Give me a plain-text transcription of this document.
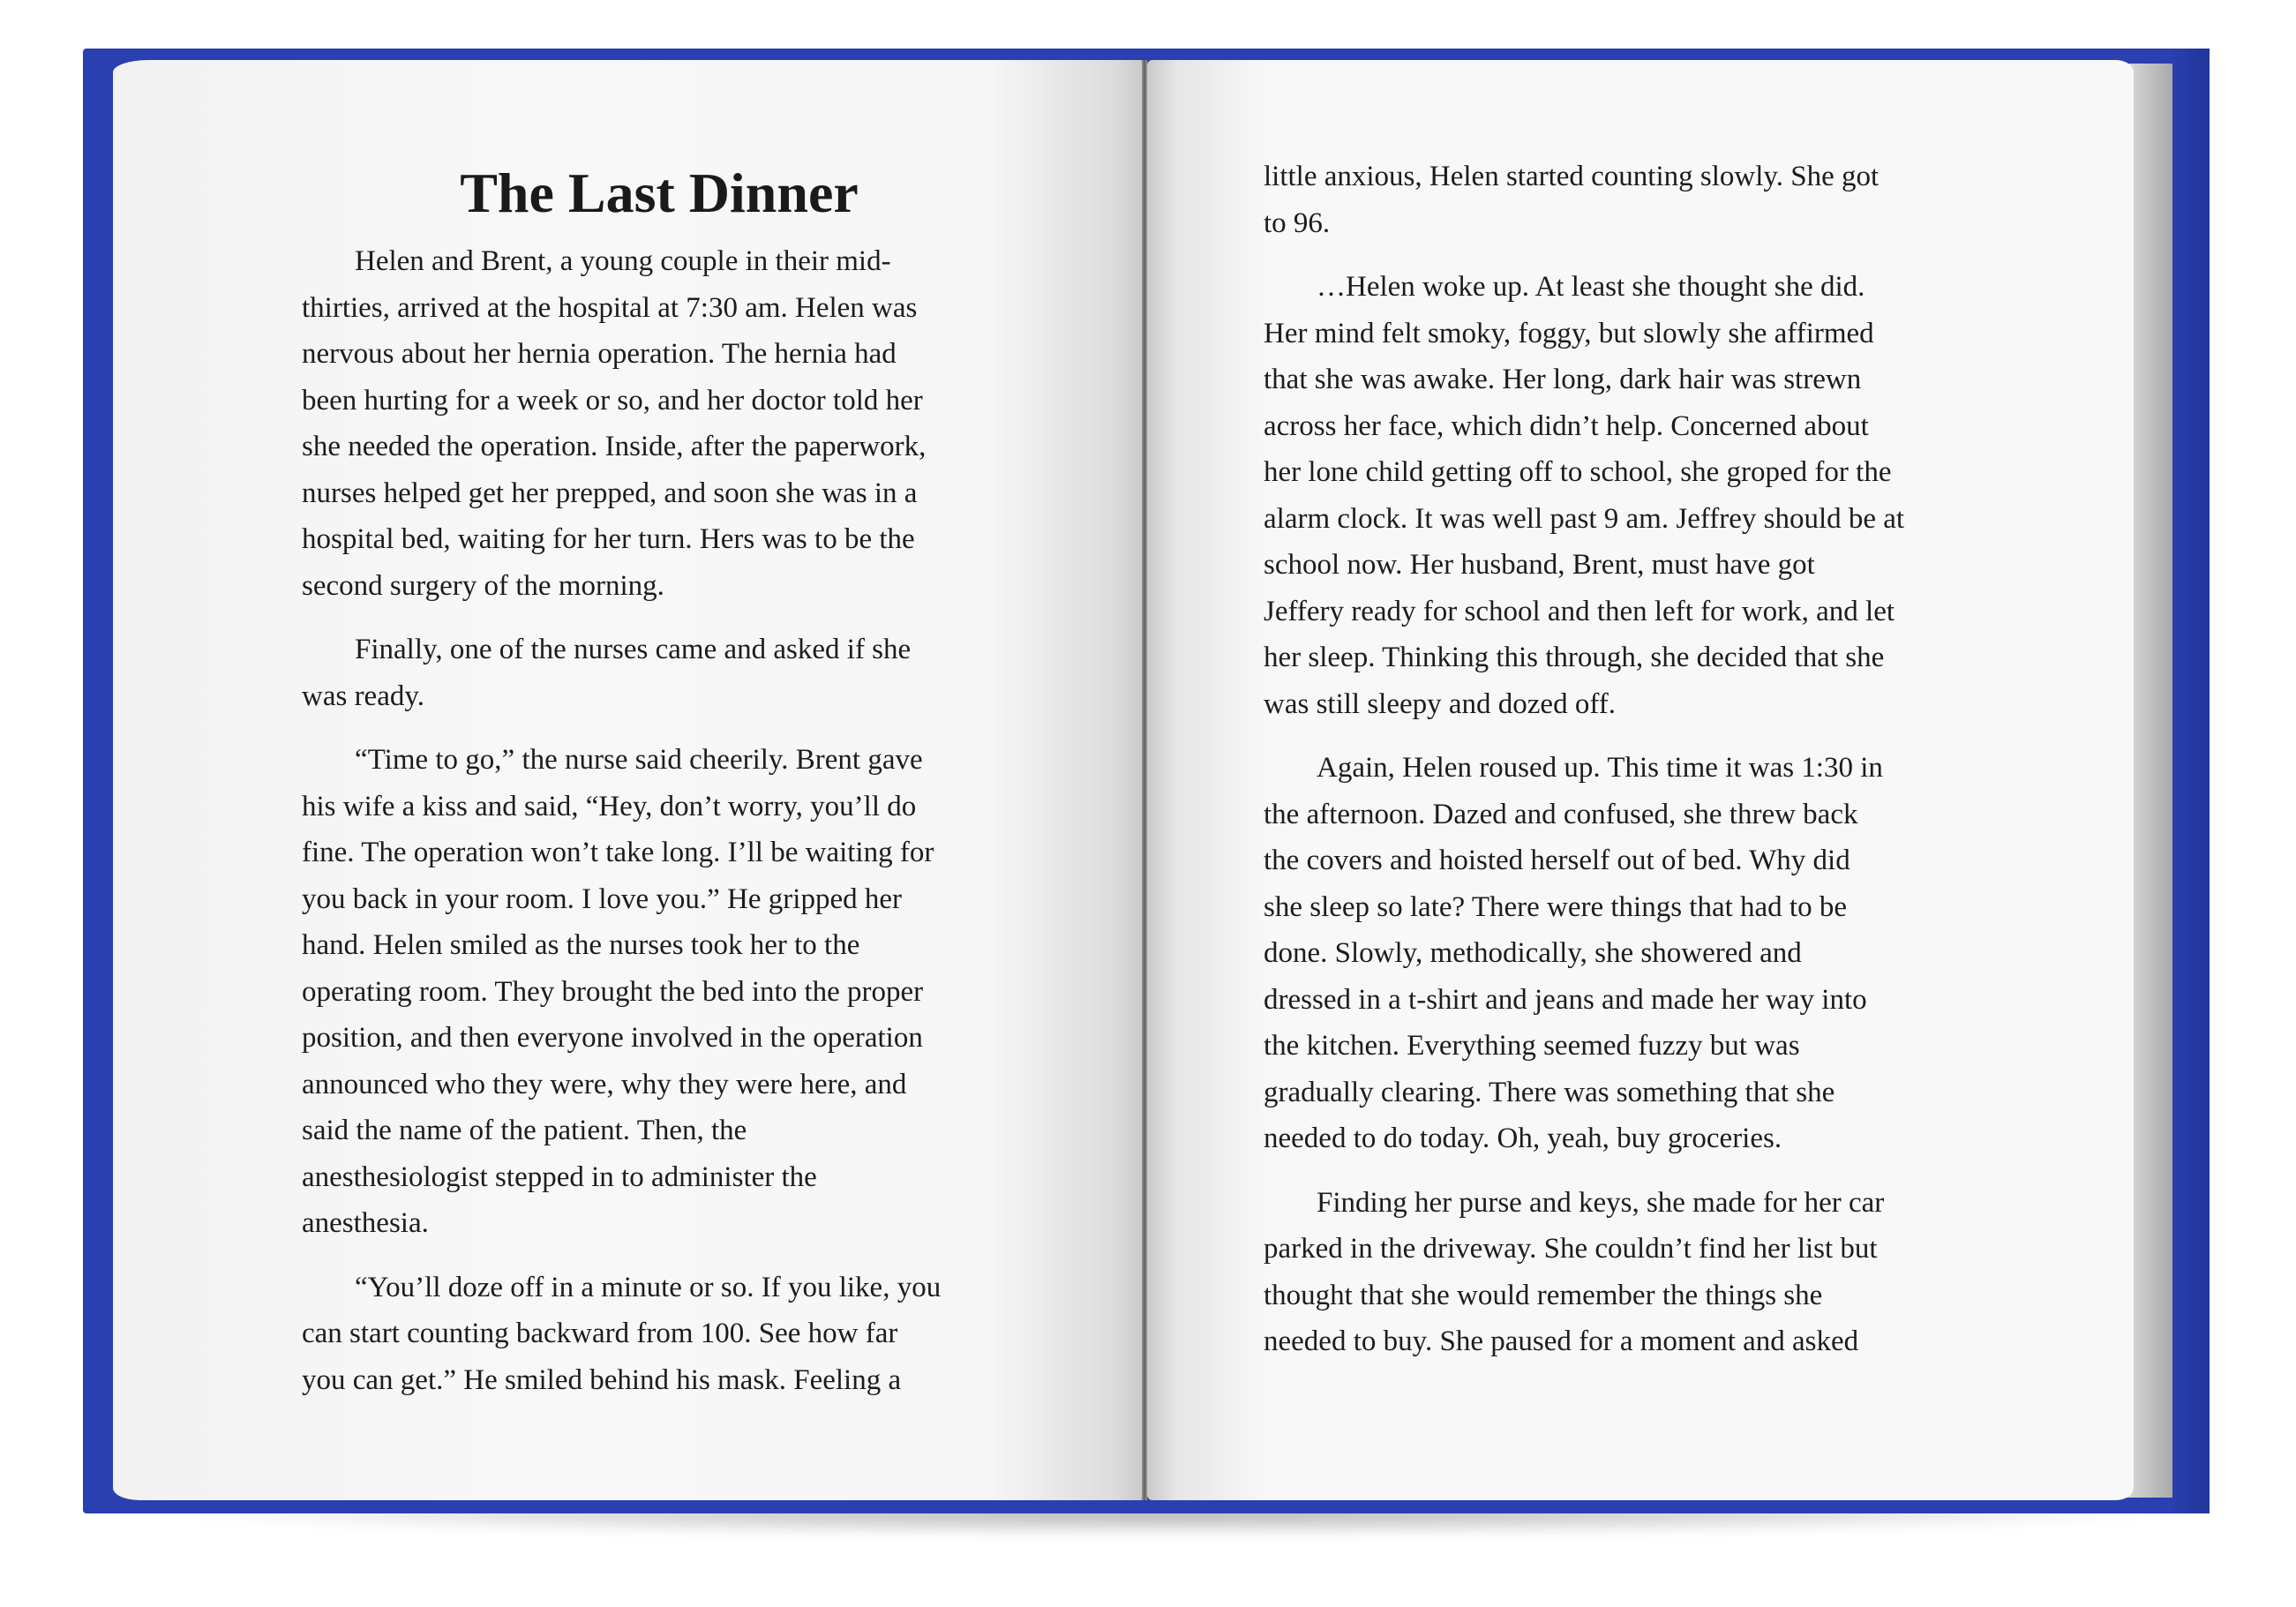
The Last Dinner
Helen and Brent, a young couple in their mid-
thirties, arrived at the hospital at 7:30 am. Helen was
nervous about her hernia operation. The hernia had
been hurting for a week or so, and her doctor told her
she needed the operation. Inside, after the paperwork,
nurses helped get her prepped, and soon she was in a
hospital bed, waiting for her turn. Hers was to be the
second surgery of the morning.
Finally, one of the nurses came and asked if she
was ready.
“Time to go,” the nurse said cheerily. Brent gave
his wife a kiss and said, “Hey, don’t worry, you’ll do
fine. The operation won’t take long. I’ll be waiting for
you back in your room. I love you.” He gripped her
hand. Helen smiled as the nurses took her to the
operating room. They brought the bed into the proper
position, and then everyone involved in the operation
announced who they were, why they were here, and
said the name of the patient. Then, the
anesthesiologist stepped in to administer the
anesthesia.
“You’ll doze off in a minute or so. If you like, you
can start counting backward from 100. See how far
you can get.” He smiled behind his mask. Feeling a
little anxious, Helen started counting slowly. She got
to 96.
…Helen woke up. At least she thought she did.
Her mind felt smoky, foggy, but slowly she affirmed
that she was awake. Her long, dark hair was strewn
across her face, which didn’t help. Concerned about
her lone child getting off to school, she groped for the
alarm clock. It was well past 9 am. Jeffrey should be at
school now. Her husband, Brent, must have got
Jeffery ready for school and then left for work, and let
her sleep. Thinking this through, she decided that she
was still sleepy and dozed off.
Again, Helen roused up. This time it was 1:30 in
the afternoon. Dazed and confused, she threw back
the covers and hoisted herself out of bed. Why did
she sleep so late? There were things that had to be
done. Slowly, methodically, she showered and
dressed in a t-shirt and jeans and made her way into
the kitchen. Everything seemed fuzzy but was
gradually clearing. There was something that she
needed to do today. Oh, yeah, buy groceries.
Finding her purse and keys, she made for her car
parked in the driveway. She couldn’t find her list but
thought that she would remember the things she
needed to buy. She paused for a moment and asked
